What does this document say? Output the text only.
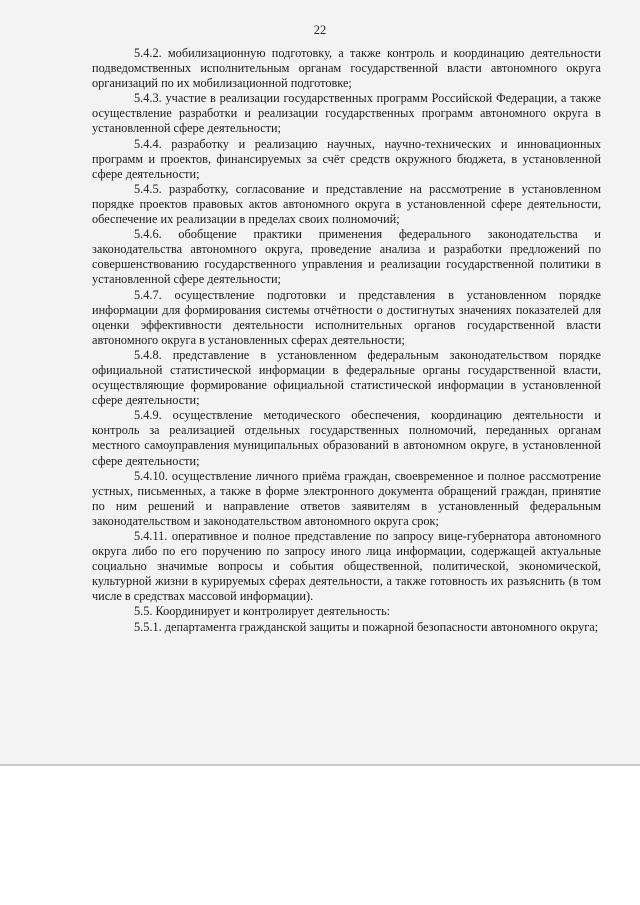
22

5.4.2. мобилизационную подготовку, а также контроль и координацию деятельности подведомственных исполнительным органам государственной власти автономного округа организаций по их мобилизационной подготовке;

5.4.3. участие в реализации государственных программ Российской Федерации, а также осуществление разработки и реализации государственных программ автономного округа в установленной сфере деятельности;

5.4.4. разработку и реализацию научных, научно-технических и инновационных программ и проектов, финансируемых за счёт средств окружного бюджета, в установленной сфере деятельности;

5.4.5. разработку, согласование и представление на рассмотрение в установленном порядке проектов правовых актов автономного округа в установленной сфере деятельности, обеспечение их реализации в пределах своих полномочий;

5.4.6. обобщение практики применения федерального законодательства и законодательства автономного округа, проведение анализа и разработки предложений по совершенствованию государственного управления и реализации государственной политики в установленной сфере деятельности;

5.4.7. осуществление подготовки и представления в установленном порядке информации для формирования системы отчётности о достигнутых значениях показателей для оценки эффективности деятельности исполнительных органов государственной власти автономного округа в установленных сферах деятельности;

5.4.8. представление в установленном федеральным законодательством порядке официальной статистической информации в федеральные органы государственной власти, осуществляющие формирование официальной статистической информации в установленной сфере деятельности;

5.4.9. осуществление методического обеспечения, координацию деятельности и контроль за реализацией отдельных государственных полномочий, переданных органам местного самоуправления муниципальных образований в автономном округе, в установленной сфере деятельности;

5.4.10. осуществление личного приёма граждан, своевременное и полное рассмотрение устных, письменных, а также в форме электронного документа обращений граждан, принятие по ним решений и направление ответов заявителям в установленный федеральным законодательством и законодательством автономного округа срок;

5.4.11. оперативное и полное представление по запросу вице-губернатора автономного округа либо по его поручению по запросу иного лица информации, содержащей актуальные социально значимые вопросы и события общественной, политической, экономической, культурной жизни в курируемых сферах деятельности, а также готовность их разъяснить (в том числе в средствах массовой информации).

5.5. Координирует и контролирует деятельность:

5.5.1. департамента гражданской защиты и пожарной безопасности автономного округа;
